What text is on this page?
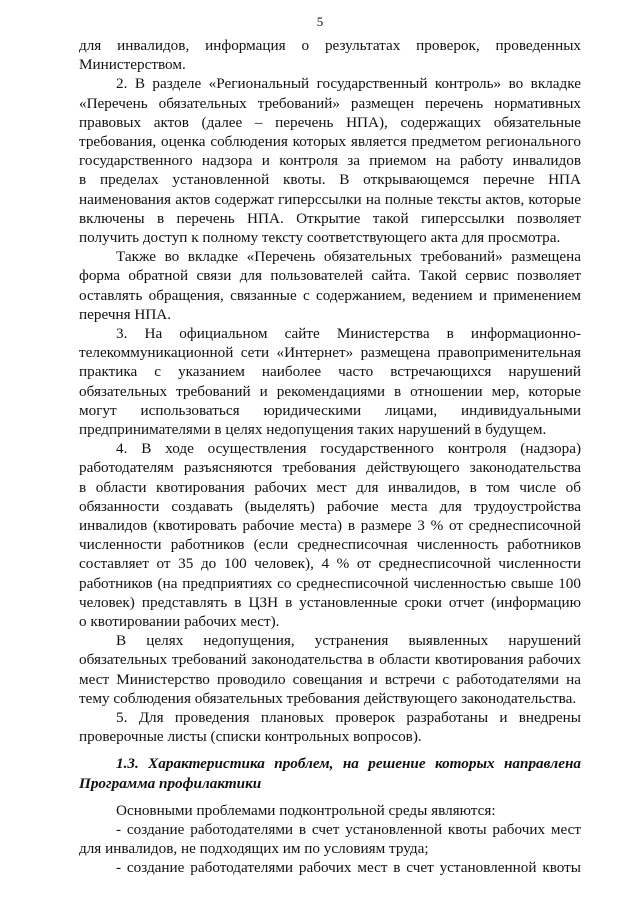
5
для инвалидов, информация о результатах проверок, проведенных
Министерством.
2. В разделе «Региональный государственный контроль» во вкладке
«Перечень обязательных требований» размещен перечень нормативных
правовых актов (далее – перечень НПА), содержащих обязательные
требования, оценка соблюдения которых является предметом регионального
государственного надзора и контроля за приемом на работу инвалидов
в пределах установленной квоты. В открывающемся перечне НПА
наименования актов содержат гиперссылки на полные тексты актов, которые
включены в перечень НПА. Открытие такой гиперссылки позволяет
получить доступ к полному тексту соответствующего акта для просмотра.
Также во вкладке «Перечень обязательных требований» размещена
форма обратной связи для пользователей сайта. Такой сервис позволяет
оставлять обращения, связанные с содержанием, ведением и применением
перечня НПА.
3. На официальном сайте Министерства в информационно-
телекоммуникационной сети «Интернет» размещена правоприменительная
практика с указанием наиболее часто встречающихся нарушений
обязательных требований и рекомендациями в отношении мер, которые
могут использоваться юридическими лицами, индивидуальными
предпринимателями в целях недопущения таких нарушений в будущем.
4. В ходе осуществления государственного контроля (надзора)
работодателям разъясняются требования действующего законодательства
в области квотирования рабочих мест для инвалидов, в том числе об
обязанности создавать (выделять) рабочие места для трудоустройства
инвалидов (квотировать рабочие места) в размере 3 % от среднесписочной
численности работников (если среднесписочная численность работников
составляет от 35 до 100 человек), 4 % от среднесписочной численности
работников (на предприятиях со среднесписочной численностью свыше 100
человек) представлять в ЦЗН в установленные сроки отчет (информацию
о квотировании рабочих мест).
В целях недопущения, устранения выявленных нарушений
обязательных требований законодательства в области квотирования рабочих
мест Министерство проводило совещания и встречи с работодателями на
тему соблюдения обязательных требования действующего законодательства.
5. Для проведения плановых проверок разработаны и внедрены
проверочные листы (списки контрольных вопросов).
1.3. Характеристика проблем, на решение которых направлена
Программа профилактики
Основными проблемами подконтрольной среды являются:
- создание работодателями в счет установленной квоты рабочих мест
для инвалидов, не подходящих им по условиям труда;
- создание работодателями рабочих мест в счет установленной квоты
